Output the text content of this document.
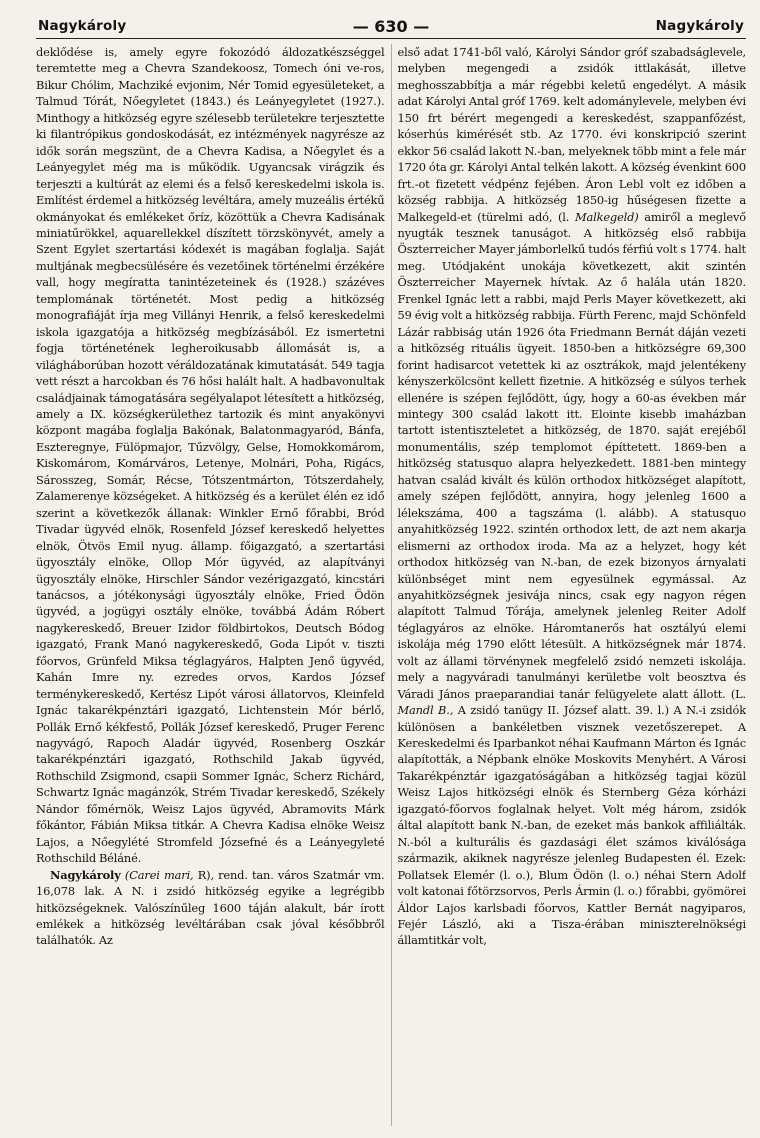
Nagykároly	— 630 —	Nagykároly

deklődése is, amely egyre fokozódó áldozatkészséggel teremtette meg a Chevra Szandekoosz, Tomech óni ve-ros, Bikur Chólim, Machziké evjonim, Nér Tomid egyesületeket, a Talmud Tórát, Nőegyletet (1843.) és Leányegyletet (1927.). Minthogy a hitközség egyre szélesebb területekre terjesztette ki filantrópikus gondoskodását, ez intézmények nagyrésze az idők során megszünt, de a Chevra Kadisa, a Nőegylet és a Leányegylet még ma is működik. Ugyancsak virágzik és terjeszti a kultúrát az elemi és a felső kereskedelmi iskola is. Említést érdemel a hitközség levéltára, amely muzeális értékű okmányokat és emlékeket őríz, közöttük a Chevra Kadisának miniatűrökkel, aquarellekkel díszített törzskönyvét, amely a Szent Egylet szertartási kódexét is magában foglalja. Saját multjának megbecsülésére és vezetőinek történelmi érzékére vall, hogy megíratta tanintézeteinek és (1928.) százéves templomának történetét. Most pedig a hitközség monografiáját írja meg Villányi Henrik, a felső kereskedelmi iskola igazgatója a hitközség megbízásából. Ez ismertetni fogja történetének legheroikusabb állomását is, a világháborúban hozott véráldozatának kimutatását. 549 tagja vett részt a harcokban és 76 hősi halált halt. A hadbavonultak családjainak támogatására segélyalapot létesített a hitközség, amely a IX. községkerülethez tartozik és mint anyakönyvi központ magába foglalja Bakónak, Balatonmagyaród, Bánfa, Eszteregnye, Fülöpmajor, Tűzvölgy, Gelse, Homokkomárom, Kiskomárom, Komárváros, Letenye, Molnári, Poha, Rigács, Sárosszeg, Somár, Récse, Tótszentmárton, Tótszerdahely, Zalamerenye községeket. A hitközség és a kerület élén ez idő szerint a következők állanak: Winkler Ernő főrabbi, Bród Tivadar ügyvéd elnök, Rosenfeld József kereskedő helyettes elnök, Ötvös Emil nyug. államp. főigazgató, a szertartási ügyosztály elnöke, Ollop Mór ügyvéd, az alapítványi ügyosztály elnöke, Hirschler Sándor vezérigazgató, kincstári tanácsos, a jótékonysági ügyosztály elnöke, Fried Ödön ügyvéd, a jogügyi osztály elnöke, továbbá Ádám Róbert nagykereskedő, Breuer Izidor földbirtokos, Deutsch Bódog igazgató, Frank Manó nagykereskedő, Goda Lipót v. tiszti főorvos, Grünfeld Miksa téglagyáros, Halpten Jenő ügyvéd, Kahán Imre ny. ezredes orvos, Kardos József terménykereskedő, Kertész Lipót városi állatorvos, Kleinfeld Ignác takarékpénztári igazgató, Lichtenstein Mór bérlő, Pollák Ernő kékfestő, Pollák József kereskedő, Pruger Ferenc nagyvágó, Rapoch Aladár ügyvéd, Rosenberg Oszkár takarékpénztári igazgató, Rothschild Jakab ügyvéd, Rothschild Zsigmond, csapii Sommer Ignác, Scherz Richárd, Schwartz Ignác magánzók, Strém Tivadar kereskedő, Székely Nándor főmérnök, Weisz Lajos ügyvéd, Abramovits Márk főkántor, Fábián Miksa titkár. A Chevra Kadisa elnöke Weisz Lajos, a Nőegylété Stromfeld Józsefné és a Leányegyleté Rothschild Béláné.

Nagykároly (Carei mari, R), rend. tan. város Szatmár vm. 16,078 lak. A N. i zsidó hitközség egyike a legrégibb hitközségeknek. Valószínűleg 1600 táján alakult, bár írott emlékek a hitközség levéltárában csak jóval későbbről találhatók. Az

első adat 1741-ből való, Károlyi Sándor gróf szabadságlevele, melyben megengedi a zsidók ittlakását, illetve meghosszabbítja a már régebbi keletű engedélyt. A másik adat Károlyi Antal gróf 1769. kelt adománylevele, melyben évi 150 frt bérért megengedi a kereskedést, szappanfőzést, kóserhús kimérését stb. Az 1770. évi konskripció szerint ekkor 56 család lakott N.-ban, melyeknek több mint a fele már 1720 óta gr. Károlyi Antal telkén lakott. A község évenkint 600 frt.-ot fizetett védpénz fejében. Áron Lebl volt ez időben a község rabbija. A hitközség 1850-ig hűségesen fizette a Malkegeld-et (türelmi adó, (l. Malkegeld) amiről a meglevő nyugták tesznek tanuságot. A hitközség első rabbija Öszterreicher Mayer jámborlelkű tudós férfiú volt s 1774. halt meg. Utódjaként unokája következett, akit szintén Öszterreicher Mayernek hívtak. Az ő halála után 1820. Frenkel Ignác lett a rabbi, majd Perls Mayer következett, aki 59 évig volt a hitközség rabbija. Fürth Ferenc, majd Schönfeld Lázár rabbiság után 1926 óta Friedmann Bernát dáján vezeti a hitközség rituális ügyeit. 1850-ben a hitközségre 69,300 forint hadisarcot vetettek ki az osztrákok, majd jelentékeny kényszerkölcsönt kellett fizetnie. A hitközség e súlyos terhek ellenére is szépen fejlődött, úgy, hogy a 60-as években már mintegy 300 család lakott itt. Elointe kisebb imaházban tartott istentiszteletet a hitközség, de 1870. saját erejéből monumentális, szép templomot építtetett. 1869-ben a hitközség statusquo alapra helyezkedett. 1881-ben mintegy hatvan család kivált és külön orthodox hitközséget alapított, amely szépen fejlődött, annyira, hogy jelenleg 1600 a lélekszáma, 400 a tagszáma (l. alább). A statusquo anyahitközség 1922. szintén orthodox lett, de azt nem akarja elismerni az orthodox iroda. Ma az a helyzet, hogy két orthodox hitközség van N.-ban, de ezek bizonyos árnyalati különbséget mint nem egyesülnek egymással. Az anyahitközségnek jesivája nincs, csak egy nagyon régen alapított Talmud Tórája, amelynek jelenleg Reiter Adolf téglagyáros az elnöke. Háromtanerős hat osztályú elemi iskolája még 1790 előtt létesült. A hitközségnek már 1874. volt az állami törvénynek megfelelő zsidó nemzeti iskolája. mely a nagyváradi tanulmányi kerületbe volt beosztva és Váradi János praeparandiai tanár felügyelete alatt állott. (L. Mandl B., A zsidó tanügy II. József alatt. 39. l.) A N.-i zsidók különösen a bankéletben visznek vezetőszerepet. A Kereskedelmi és Iparbankot néhai Kaufmann Márton és Ignác alapították, a Népbank elnöke Moskovits Menyhért. A Városi Takarékpénztár igazgatóságában a hitközség tagjai közül Weisz Lajos hitközségi elnök és Sternberg Géza kórházi igazgató-főorvos foglalnak helyet. Volt még három, zsidók által alapított bank N.-ban, de ezeket más bankok affiliálták. N.-ból a kulturális és gazdasági élet számos kiválósága származik, akiknek nagyrésze jelenleg Budapesten él. Ezek: Pollatsek Elemér (l. o.), Blum Ödön (l. o.) néhai Stern Adolf volt katonai főtörzsorvos, Perls Ármin (l. o.) főrabbi, gyömörei Áldor Lajos karlsbadi főorvos, Kattler Bernát nagyiparos, Fejér László, aki a Tisza-érában miniszterelnökségi államtitkár volt,
